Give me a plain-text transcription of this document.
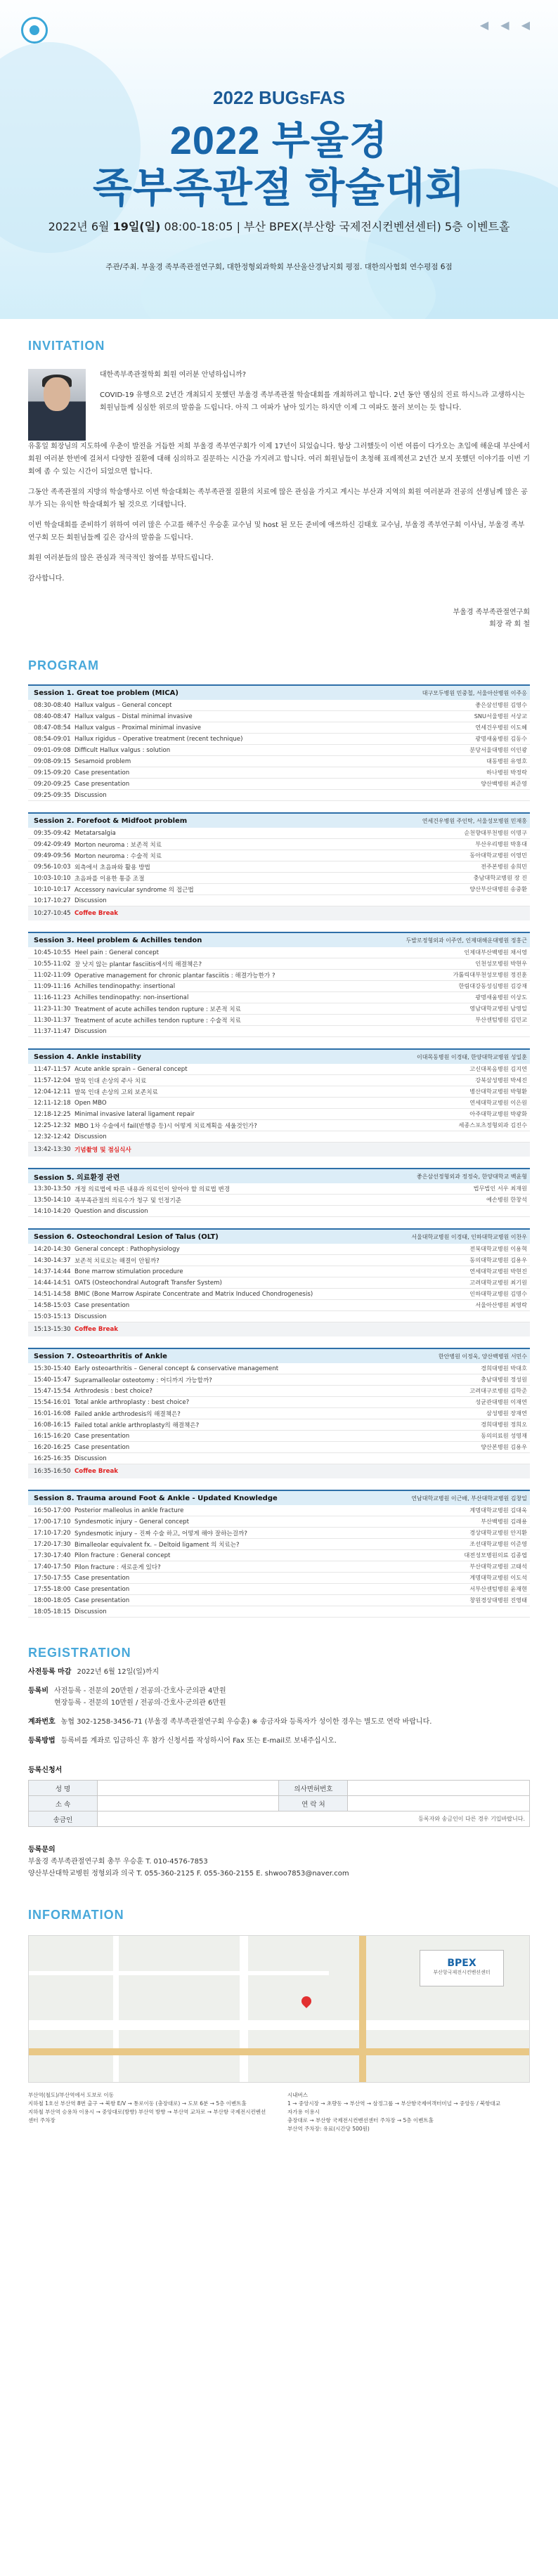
◀ ◀ ◀
2022 BUGsFAS
2022 부울경
족부족관절 학술대회
2022년 6월 19일(일) 08:00-18:05 | 부산 BPEX(부산항 국제전시컨벤션센터) 5층 이벤트홀
주관/주최. 부울경 족부족관절연구회, 대한정형외과학회 부산울산경남지회 평점. 대한의사협회 연수평점 6점
INVITATION

대한족부족관절학회 회원 여러분 안녕하십니까?

COVID-19 유행으로 2년간 개최되지 못했던 부울경 족부족관절 학술대회를 개최하려고 합니다. 2년 동안 멤심의 진료 하시느라 고생하시는 회원님들께 심심한 위로의 말씀을 드립니다. 아직 그 여파가 남아 있기는 하지만 이제 그 여파도 물러 보이는 듯 합니다.

유홍일 회장님의 지도하에 우춘이 발전을 거듭한 저희 부울경 족부연구회가 이제 17년이 되었습니다. 항상 그러했듯이 이번 여름이 다가오는 초입에 해운대 부산에서 회원 여러분 한번에 걸쳐서 다양한 질환에 대해 심의하고 질문하는 시간을 가지려고 합니다. 여러 회원님들이 초청해 표레젝션고 2년간 보지 못했던 이야기를 이번 기회에 좀 수 있는 시간이 되었으면 합니다.

그동안 족족관절의 지방의 학술행사로 이번 학술대회는 족부족관절 질환의 치료에 많은 관심을 가지고 계시는 부산과 지역의 회원 여러분과 전공의 선생님께 많은 공부가 되는 유익한 학술대회가 될 것으로 기대합니다.

이번 학술대회를 준비하기 위하여 여러 많은 수고를 해주신 우승훈 교수님 및 host 된 모든 준비에 애쓰하신 김태호 교수님, 부울경 족부연구회 이사님, 부울경 족부연구회 모든 회원님들께 깊은 감사의 말씀을 드립니다.

회원 여러분들의 많은 관심과 적극적인 참여를 부탁드립니다.

감사합니다.

부울경 족부족관절연구회
회장 곽 회 철
PROGRAM
Session 1. Great toe problem (MICA)	대구모두병원 민중철, 서울아산병원 이주응
08:30-08:40 Hallux valgus – General concept	좋은삼선병원 김영수
08:40-08:47 Hallux valgus – Distal minimal invasive	SNU서울병원 서상교
08:47-08:54 Hallux valgus – Proximal minimal invasive	연세건우병원 이도혜
08:54-09:01 Hallux rigidus – Operative treatment (recent technique)	광명새움병원 김동수
09:01-09:08 Difficult Hallux valgus : solution	분당서울대병원 이인광
09:08-09:15 Sesamoid problem	대동병원 유영호
09:15-09:20 Case presentation	하나병원 박정락
09:20-09:25 Case presentation	양산백병원 최준영
09:25-09:35 Discussion
Session 2. Forefoot & Midfoot problem	연세건우병원 주인탁, 서울성모병원 민재홍
09:35-09:42 Metatarsalgia	순천향대부천병원 이명구
09:42-09:49 Morton neuroma : 보존적 치료	부산우리병원 박홍대
09:49-09:56 Morton neuroma : 수술적 치료	동아대학교병원 이영민
09:56-10:03 외측에서 초음파와 활용 방법	전주본병원 송희민
10:03-10:10 초음파를 이용한 통증 조절	충남대학교병원 장 진
10:10-10:17 Accessory navicular syndrome 의 접근법	양산부산대병원 송중환
10:17-10:27 Discussion
10:27-10:45 Coffee Break
Session 3. Heel problem & Achilles tendon	두발로정형외과 이주연, 인제대해운대병원 정홍근
10:45-10:55 Heel pain : General concept	인제대부산백병원 채서영
10:55-11:02 잘 낫지 않는 plantar fasciitis에서의 해결책은?	인천성모병원 박현우
11:02-11:09 Operative management for chronic plantar fasciitis : 해결가능한가 ?	가톨릭대부천성모병원 정진훈
11:09-11:16 Achilles tendinopathy: insertional	한림대강동성심병원 김강재
11:16-11:23 Achilles tendinopathy: non-insertional	광명새움병원 이상도
11:23-11:30 Treatment of acute achilles tendon rupture : 보존적 치료	영남대학교병원 남영일
11:30-11:37 Treatment of acute achilles tendon rupture : 수술적 치료	부산센텀병원 김민교
11:37-11:47 Discussion
Session 4. Ankle instability	이대목동병원 이경태, 한양대학교병원 성일훈
11:47-11:57 Acute ankle sprain – General concept	고신대복음병원 김지연
11:57-12:04 발목 인대 손상의 주사 치료	강북삼성병원 박세진
12:04-12:11 발목 인대 손상의 고외 보존치료	병산대학교병원 박형환
12:11-12:18 Open MBO	연세대학교병원 이은원
12:18-12:25 Minimal invasive lateral ligament repair	아주대학교병원 박광화
12:25-12:32 MBO 1차 수술에서 fail(반행증 등)시 어떻게 치료계획을 세울것인가?	세종스포츠정형외과 김진수
12:32-12:42 Discussion
13:42-13:30 기념촬영 및 점심식사
Session 5. 의료환경 관련	좋은삼선정형외과 정정숙, 한양대학교 백윤형
13:30-13:50 개정 의료법에 따른 내용과 의료인이 알아야 할 의료법 변경	법무법인 서우 최재원
13:50-14:10 족부족관절의 의료수가 청구 및 인정기준	예손병원 한창석
14:10-14:20 Question and discussion
Session 6. Osteochondral Lesion of Talus (OLT)	서울대학교병원 이경태, 인하대학교병원 이찬우
14:20-14:30 General concept : Pathophysiology	전북대학교병원 이용혁
14:30-14:37 보존적 치료로는 해결이 안될까?	동의대학교병원 김용우
14:37-14:44 Bone marrow stimulation procedure	연세대학교병원 박현진
14:44-14:51 OATS (Osteochondral Autograft Transfer System)	고려대학교병원 최기원
14:51-14:58 BMIC (Bone Marrow Aspirate Concentrate and Matrix Induced Chondrogenesis)	인하대학교병원 김명수
14:58-15:03 Case presentation	서울아산병원 최영락
15:03-15:13 Discussion
15:13-15:30 Coffee Break
Session 7. Osteoarthritis of Ankle	한안병원 이정욱, 양산백병원 서민수
15:30-15:40 Early osteoarthritis – General concept & conservative management	경희대병원 박대호
15:40-15:47 Supramalleolar osteotomy : 어디까지 가능할까?	충남대병원 정성원
15:47-15:54 Arthrodesis : best choice?	고려대구로병원 김학준
15:54-16:01 Total ankle arthroplasty : best choice?	성균관대병원 이재연
16:01-16:08 Failed ankle arthrodesis의 해결책은?	삼성병원 장재연
16:08-16:15 Failed total ankle arthroplasty의 해결책은?	경희대병원 정희오
16:15-16:20 Case presentation	동의의료원 성영재
16:20-16:25 Case presentation	양산본병원 김용우
16:25-16:35 Discussion
16:35-16:50 Coffee Break
Session 8. Trauma around Foot & Ankle - Updated Knowledge	연남대학교병원 이근배, 부산대학교병원 김창일
16:50-17:00 Posterior malleolus in ankle fracture	계명대학교병원 김대욱
17:00-17:10 Syndesmotic injury – General concept	부산백병원 김래용
17:10-17:20 Syndesmotic injury – 진짜 수술 하고, 어떻게 해야 잘하는걸까?	경상대학교병원 안지환
17:20-17:30 Bimalleolar equivalent fx. – Deltoid ligament 의 치료는?	조선대학교병원 이준영
17:30-17:40 Pilon fracture : General concept	대전성모병원의료 김종엽
17:40-17:50 Pilon fracture : 새로운게 있다?	부산대학교병원 고태석
17:50-17:55 Case presentation	계명대학교병원 이도석
17:55-18:00 Case presentation	서부산센텀병원 윤재현
18:00-18:05 Case presentation	창원경상대병원 진영태
18:05-18:15 Discussion
REGISTRATION
사전등록 마감 2022년 6월 12일(일)까지
등록비 사전등록 - 전문의 20만원 / 전공의·간호사·군의관 4만원
현장등록 - 전문의 10만원 / 전공의·간호사·군의관 6만원
계좌번호 농협 302-1258-3456-71 (부울경 족부족관절연구회 우승훈) ※ 송금자와 등록자가 성이한 경우는 별도로 연락 바랍니다.
등록방법 등록비를 계좌로 입금하신 후 참가 신청서를 작성하시어 Fax 또는 E-mail로 보내주십시오.
등록신청서
성 명		의사면허번호	
소 속		연 락 처	
송금인	등록자와 송금인이 다른 경우 기입바랍니다.		
등록문의
부울경 족부족관절연구회 총무 우승훈 T. 010-4576-7853
양산부산대학교병원 정형외과 의국 T. 055-360-2125 F. 055-360-2155 E. shwoo7853@naver.com
INFORMATION
BPEX
부산항국제전시컨벤션센터
부산역(철도)/부산역에서 도보로 이동
지하철 1호선 부산역 8번 출구 → 북항 E/V → 통로이동 (충장대로) → 도보 6분 → 5층 이벤트홀
지하철 부산역 승용차 이용시 → 중앙대로(방향) 부산역 방향 → 부산역 교차로 → 부산항 국제전시컨벤션센터 주차장
시내버스
1 → 중앙시장 → 초량동 → 부산역 → 삼정그룹 → 부산항국제여객터미널 → 중앙동 / 북항대교
자가용 이용시
충장대로 → 부산항 국제전시컨벤션센터 주차장 → 5층 이벤트홀
부산역 주차장: 유료(시간당 500원)
